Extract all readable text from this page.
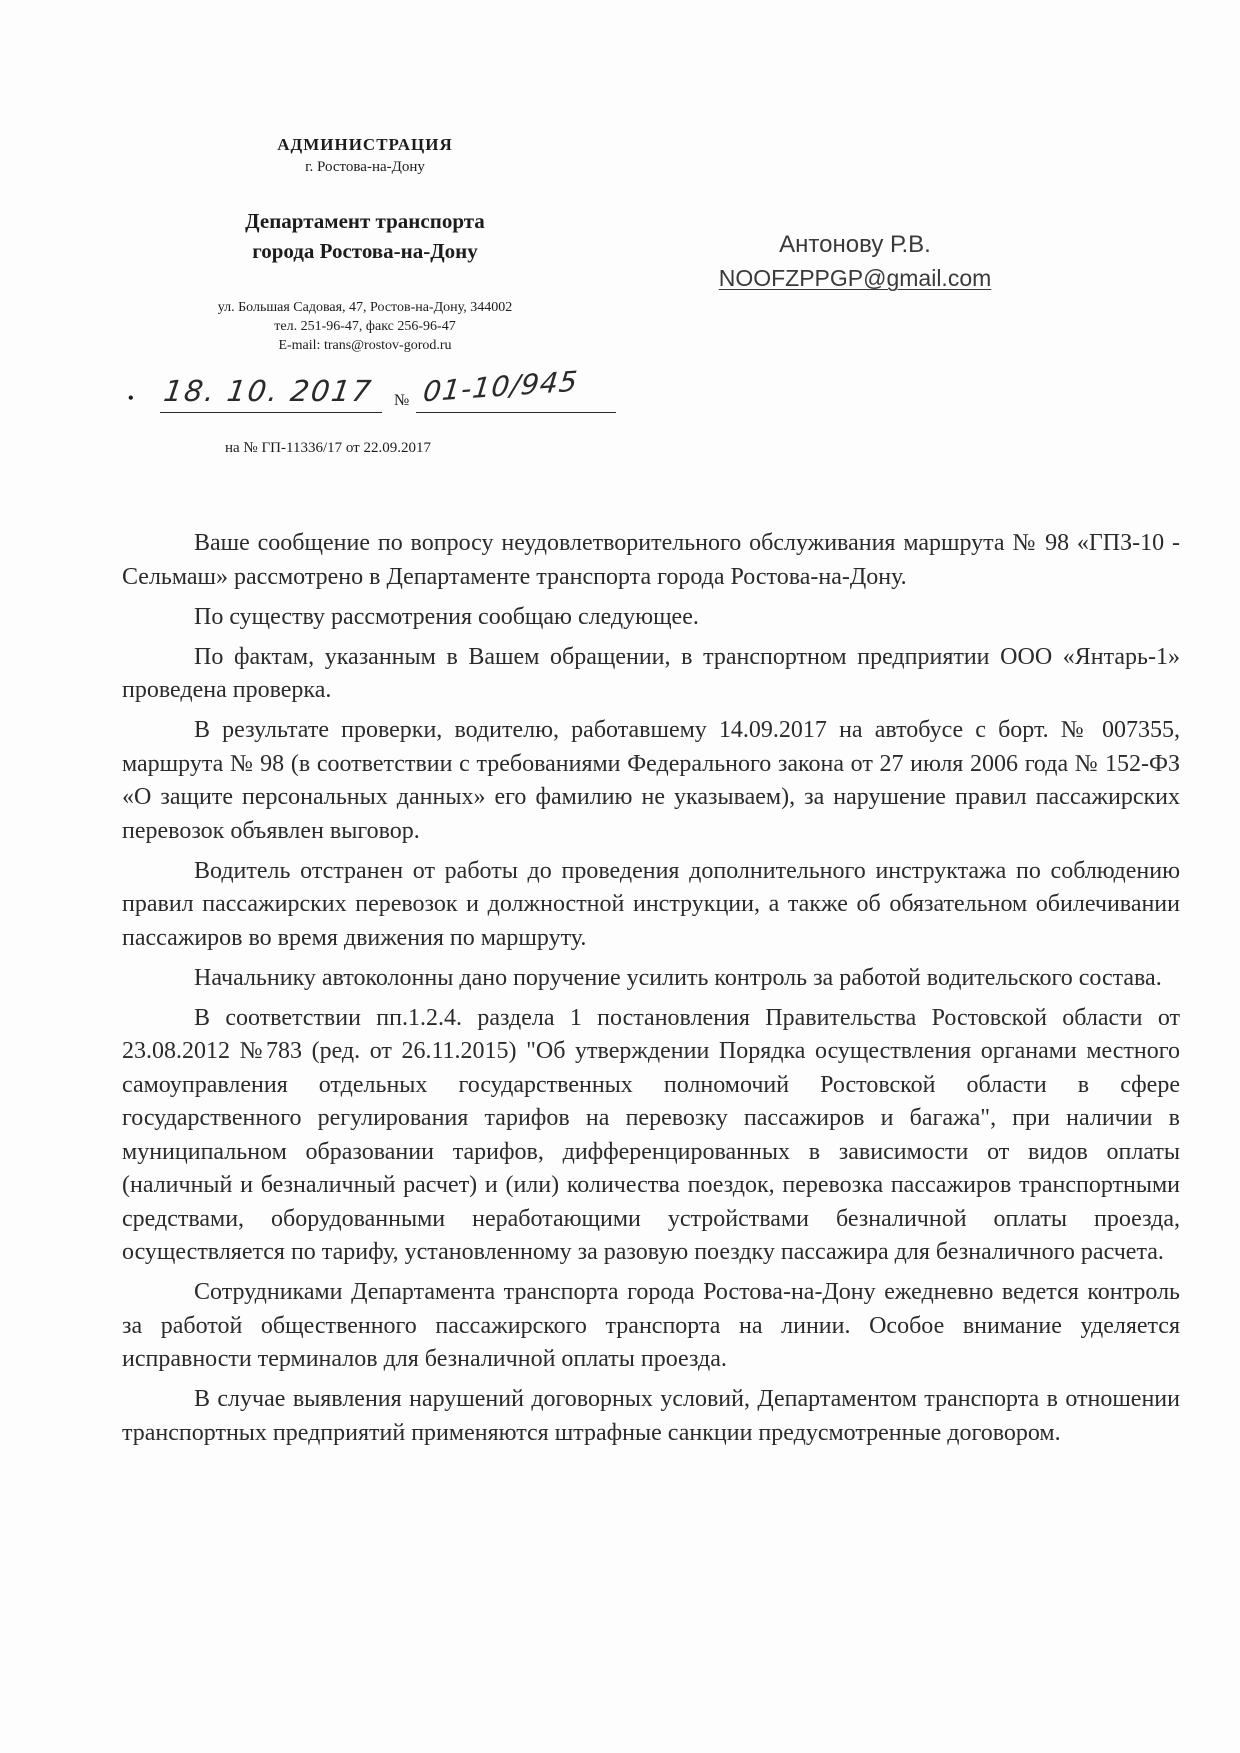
АДМИНИСТРАЦИЯ
г. Ростова-на-Дону
Департамент транспорта
города Ростова-на-Дону
ул. Большая Садовая, 47, Ростов-на-Дону, 344002
тел. 251-96-47, факс 256-96-47
E-mail: trans@rostov-gorod.ru
• 18. 10. 2017 № 01-10/945
на № ГП-11336/17 от 22.09.2017
Антонову Р.В.
NOOFZPPGP@gmail.com

Ваше сообщение по вопросу неудовлетворительного обслуживания маршрута № 98 «ГПЗ-10 - Сельмаш» рассмотрено в Департаменте транспорта города Ростова-на-Дону.

По существу рассмотрения сообщаю следующее.

По фактам, указанным в Вашем обращении, в транспортном предприятии ООО «Янтарь-1» проведена проверка.

В результате проверки, водителю, работавшему 14.09.2017 на автобусе с борт. № 007355, маршрута № 98 (в соответствии с требованиями Федерального закона от 27 июля 2006 года № 152-ФЗ «О защите персональных данных» его фамилию не указываем), за нарушение правил пассажирских перевозок объявлен выговор.

Водитель отстранен от работы до проведения дополнительного инструктажа по соблюдению правил пассажирских перевозок и должностной инструкции, а также об обязательном обилечивании пассажиров во время движения по маршруту.

Начальнику автоколонны дано поручение усилить контроль за работой водительского состава.

В соответствии пп.1.2.4. раздела 1 постановления Правительства Ростовской области от 23.08.2012 №783 (ред. от 26.11.2015) "Об утверждении Порядка осуществления органами местного самоуправления отдельных государственных полномочий Ростовской области в сфере государственного регулирования тарифов на перевозку пассажиров и багажа", при наличии в муниципальном образовании тарифов, дифференцированных в зависимости от видов оплаты (наличный и безналичный расчет) и (или) количества поездок, перевозка пассажиров транспортными средствами, оборудованными неработающими устройствами безналичной оплаты проезда, осуществляется по тарифу, установленному за разовую поездку пассажира для безналичного расчета.

Сотрудниками Департамента транспорта города Ростова-на-Дону ежедневно ведется контроль за работой общественного пассажирского транспорта на линии. Особое внимание уделяется исправности терминалов для безналичной оплаты проезда.

В случае выявления нарушений договорных условий, Департаментом транспорта в отношении транспортных предприятий применяются штрафные санкции предусмотренные договором.
